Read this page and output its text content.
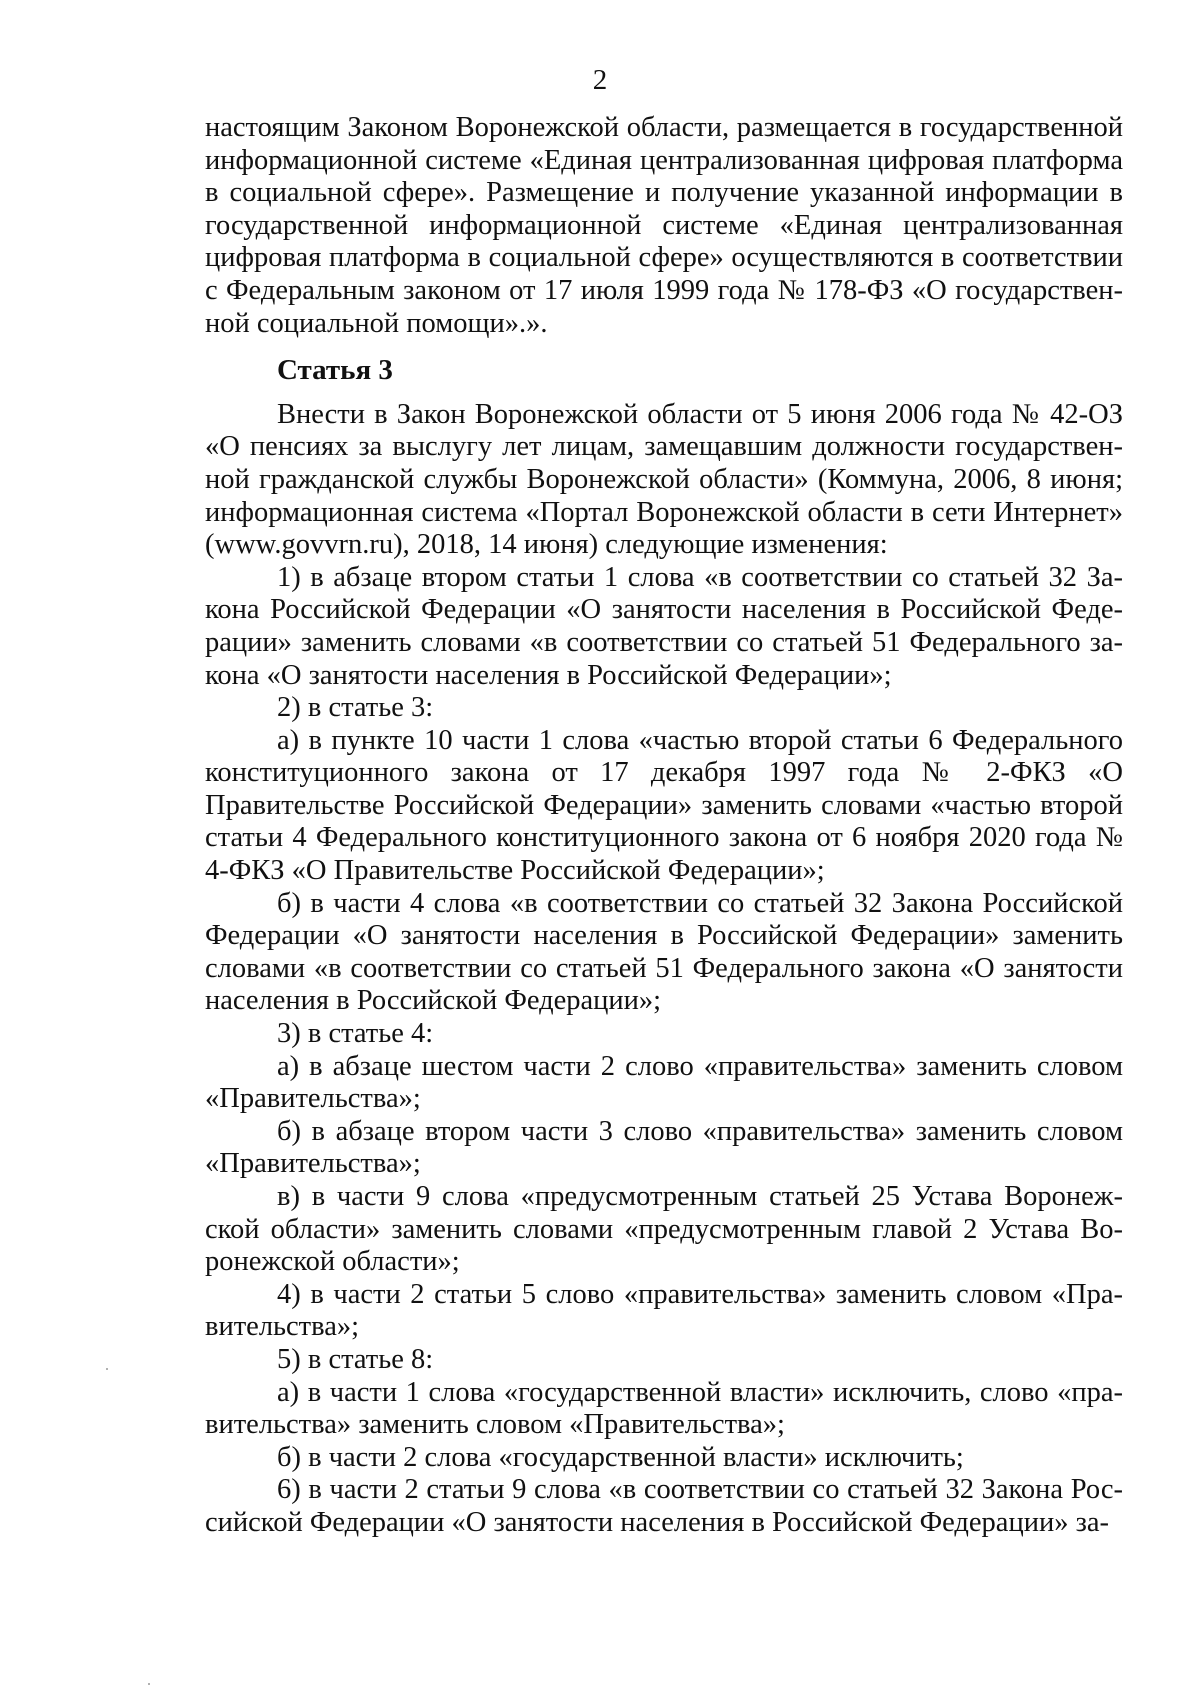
2

настоящим Законом Воронежской области, размещается в государственной информационной системе «Единая централизованная цифровая платформа в социальной сфере». Размещение и получение указанной информации в государственной информационной системе «Единая централизованная цифровая платформа в социальной сфере» осуществляются в соответствии с Федеральным законом от 17 июля 1999 года № 178-ФЗ «О государственной социальной помощи».».

Статья 3

Внести в Закон Воронежской области от 5 июня 2006 года № 42-ОЗ «О пенсиях за выслугу лет лицам, замещавшим должности государственной гражданской службы Воронежской области» (Коммуна, 2006, 8 июня; информационная система «Портал Воронежской области в сети Интернет» (www.govvrn.ru), 2018, 14 июня) следующие изменения:

1) в абзаце втором статьи 1 слова «в соответствии со статьей 32 Закона Российской Федерации «О занятости населения в Российской Федерации» заменить словами «в соответствии со статьей 51 Федерального закона «О занятости населения в Российской Федерации»;

2) в статье 3:

а) в пункте 10 части 1 слова «частью второй статьи 6 Федерального конституционного закона от 17 декабря 1997 года № 2-ФКЗ «О Правительстве Российской Федерации» заменить словами «частью второй статьи 4 Федерального конституционного закона от 6 ноября 2020 года № 4-ФКЗ «О Правительстве Российской Федерации»;

б) в части 4 слова «в соответствии со статьей 32 Закона Российской Федерации «О занятости населения в Российской Федерации» заменить словами «в соответствии со статьей 51 Федерального закона «О занятости населения в Российской Федерации»;

3) в статье 4:

а) в абзаце шестом части 2 слово «правительства» заменить словом «Правительства»;

б) в абзаце втором части 3 слово «правительства» заменить словом «Правительства»;

в) в части 9 слова «предусмотренным статьей 25 Устава Воронежской области» заменить словами «предусмотренным главой 2 Устава Воронежской области»;

4) в части 2 статьи 5 слово «правительства» заменить словом «Правительства»;

5) в статье 8:

а) в части 1 слова «государственной власти» исключить, слово «правительства» заменить словом «Правительства»;

б) в части 2 слова «государственной власти» исключить;

6) в части 2 статьи 9 слова «в соответствии со статьей 32 Закона Российской Федерации «О занятости населения в Российской Федерации» за-
